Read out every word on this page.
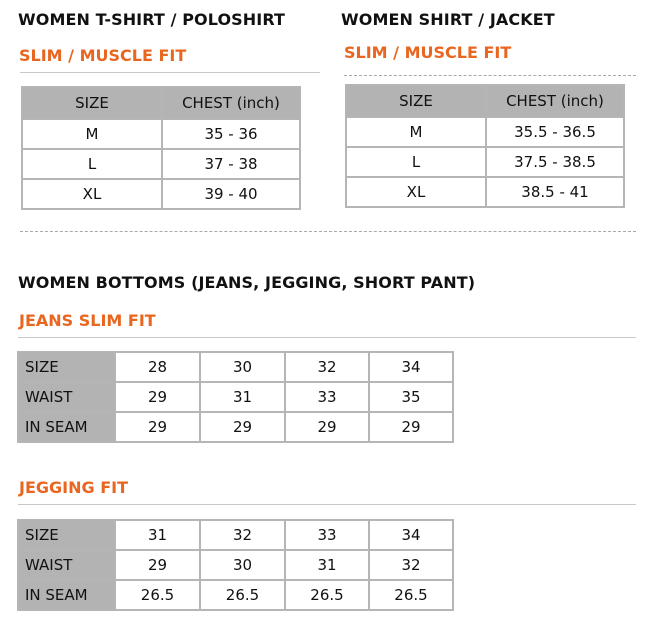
WOMEN T-SHIRT / POLOSHIRT	WOMEN SHIRT / JACKET
SLIM / MUSCLE FIT	SLIM / MUSCLE FIT
SIZE	CHEST (inch)
M	35 - 36
L	37 - 38
XL	39 - 40
SIZE	CHEST (inch)
M	35.5 - 36.5
L	37.5 - 38.5
XL	38.5 - 41
WOMEN BOTTOMS (JEANS, JEGGING, SHORT PANT)
JEANS SLIM FIT
SIZE	28	30	32	34
WAIST	29	31	33	35
IN SEAM	29	29	29	29
JEGGING FIT
SIZE	31	32	33	34
WAIST	29	30	31	32
IN SEAM	26.5	26.5	26.5	26.5
